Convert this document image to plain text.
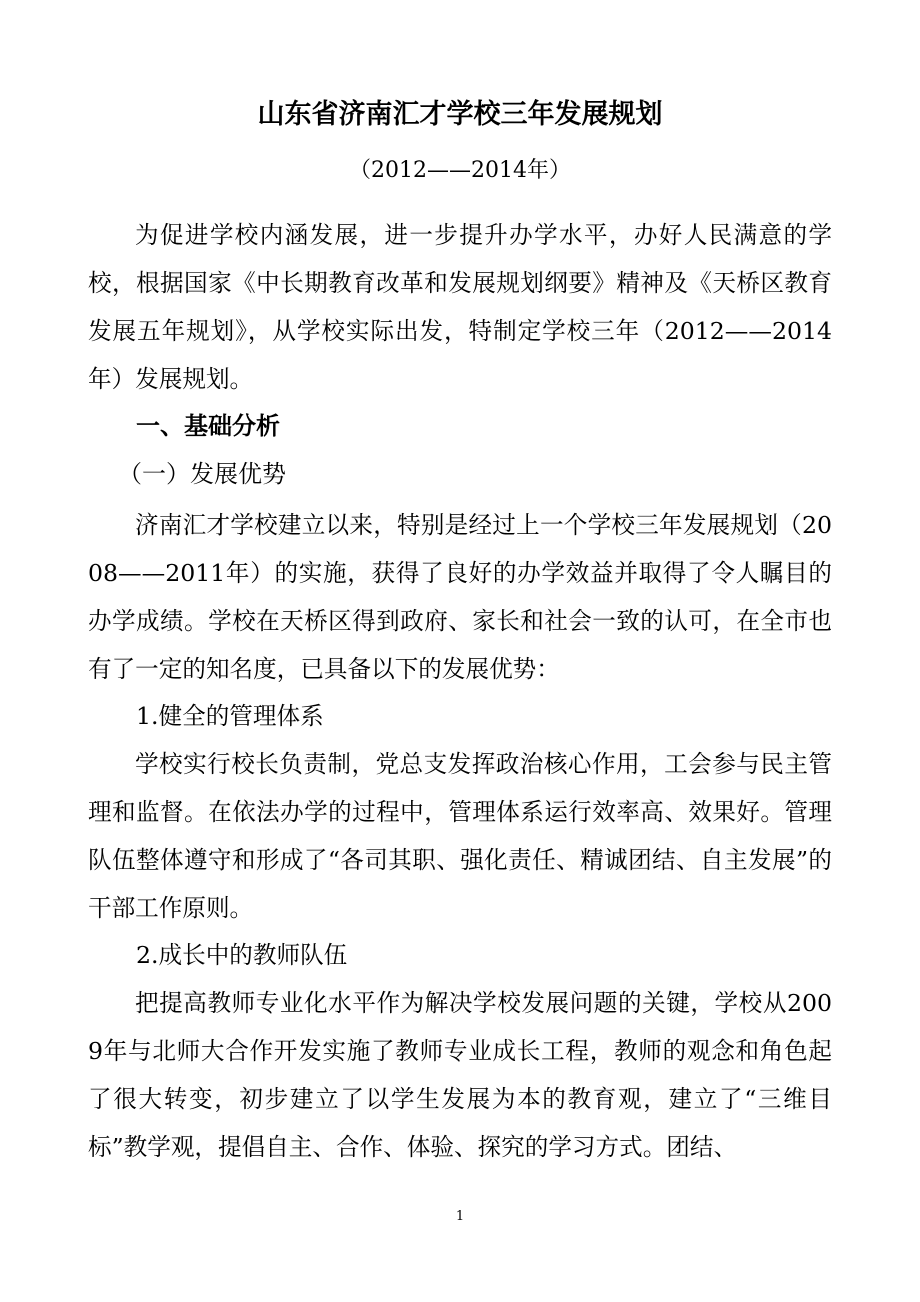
山东省济南汇才学校三年发展规划
（2012——2014年）

为促进学校内涵发展，进一步提升办学水平，办好人民满意的学校，根据国家《中长期教育改革和发展规划纲要》精神及《天桥区教育发展五年规划》，从学校实际出发，特制定学校三年（2012——2014年）发展规划。

一、基础分析
（一）发展优势

济南汇才学校建立以来，特别是经过上一个学校三年发展规划（2008——2011年）的实施，获得了良好的办学效益并取得了令人瞩目的办学成绩。学校在天桥区得到政府、家长和社会一致的认可，在全市也有了一定的知名度，已具备以下的发展优势：

1.健全的管理体系

学校实行校长负责制，党总支发挥政治核心作用，工会参与民主管理和监督。在依法办学的过程中，管理体系运行效率高、效果好。管理队伍整体遵守和形成了“各司其职、强化责任、精诚团结、自主发展”的干部工作原则。

2.成长中的教师队伍

把提高教师专业化水平作为解决学校发展问题的关键，学校从2009年与北师大合作开发实施了教师专业成长工程，教师的观念和角色起了很大转变，初步建立了以学生发展为本的教育观，建立了“三维目标”教学观，提倡自主、合作、体验、探究的学习方式。团结、

1
